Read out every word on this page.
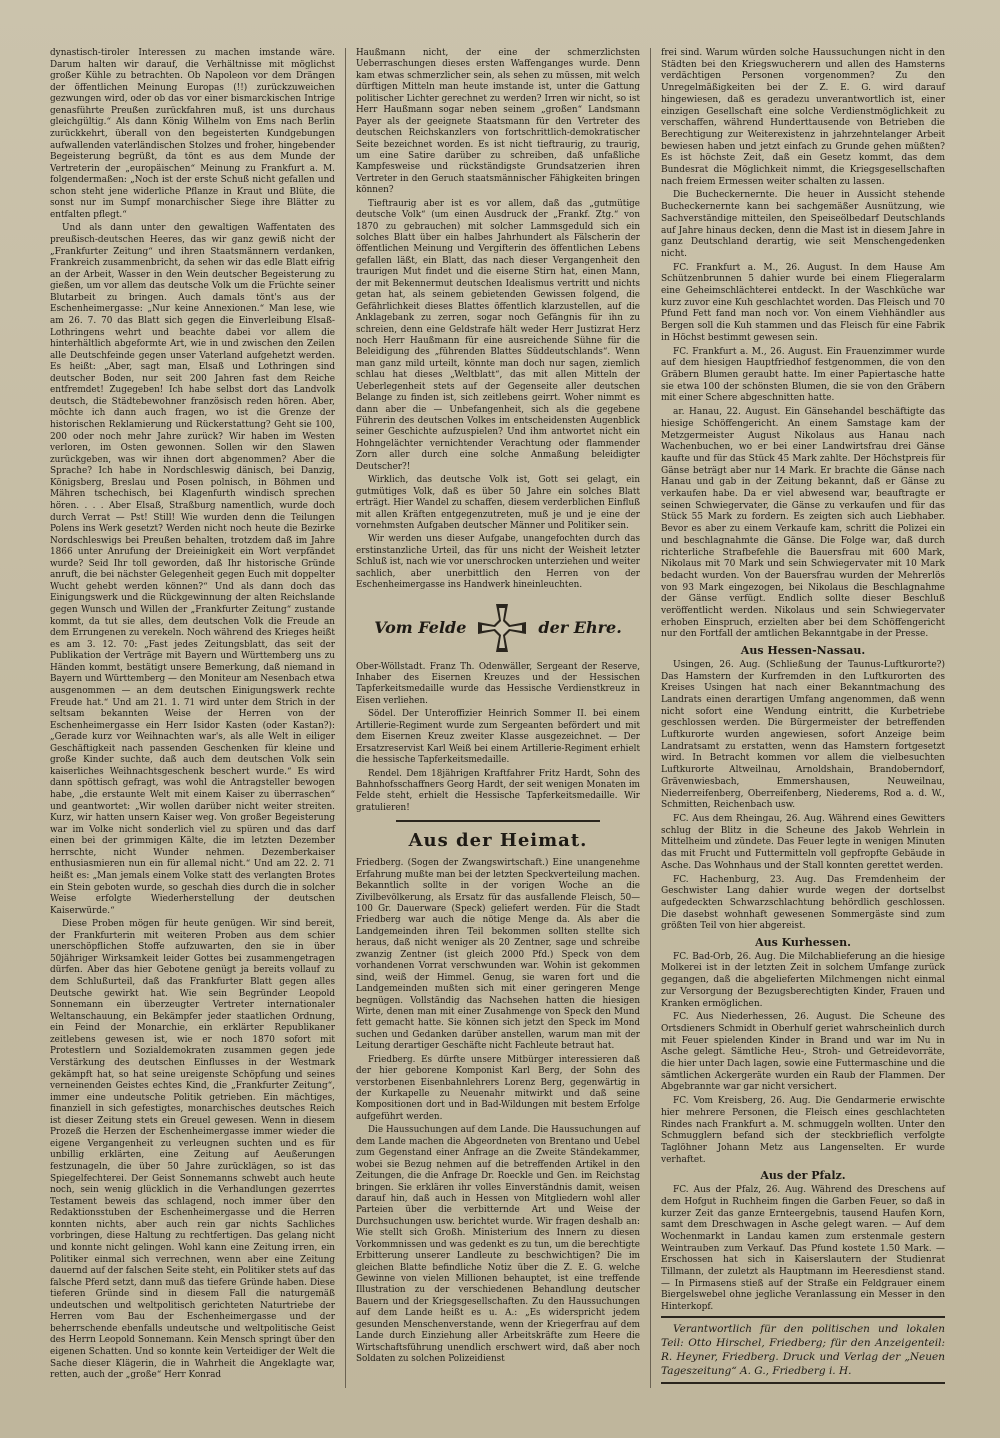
dynastisch-tiroler Interessen zu machen imstande wäre. Darum halten wir darauf, die Verhältnisse mit möglichst großer Kühle zu betrachten. Ob Napoleon vor dem Drängen der öffentlichen Meinung Europas (!!) zurückzuweichen gezwungen wird, oder ob das vor einer bismarckischen Intrige genasführte Preußen zurückfahren muß, ist uns durchaus gleichgültig.“ Als dann König Wilhelm von Ems nach Berlin zurückkehrt, überall von den begeisterten Kundgebungen aufwallenden vaterländischen Stolzes und froher, hingebender Begeisterung begrüßt, da tönt es aus dem Munde der Vertreterin der „europäischen“ Meinung zu Frankfurt a. M. folgendermaßen: „Noch ist der erste Schuß nicht gefallen und schon steht jene widerliche Pflanze in Kraut und Blüte, die sonst nur im Sumpf monarchischer Siege ihre Blätter zu entfalten pflegt.“

Und als dann unter den gewaltigen Waffentaten des preußisch-deutschen Heeres, das wir ganz gewiß nicht der „Frankfurter Zeitung“ und ihren Staatsmännern verdanken, Frankreich zusammenbricht, da sehen wir das edle Blatt eifrig an der Arbeit, Wasser in den Wein deutscher Begeisterung zu gießen, um vor allem das deutsche Volk um die Früchte seiner Blutarbeit zu bringen. Auch damals tönt's aus der Eschenheimergasse: „Nur keine Annexionen.“ Man lese, wie am 26. 7. 70 das Blatt sich gegen die Einverleibung Elsaß-Lothringens wehrt und beachte dabei vor allem die hinterhältlich abgeformte Art, wie in und zwischen den Zeilen alle Deutschfeinde gegen unser Vaterland aufgehetzt werden. Es heißt: „Aber, sagt man, Elsaß und Lothringen sind deutscher Boden, nur seit 200 Jahren fast dem Reiche entfremdet! Zugegeben! Ich habe selbst dort das Landvolk deutsch, die Städtebewohner französisch reden hören. Aber, möchte ich dann auch fragen, wo ist die Grenze der historischen Reklamierung und Rückerstattung? Geht sie 100, 200 oder noch mehr Jahre zurück? Wir haben im Westen verloren, im Osten gewonnen. Sollen wir den Slawen zurückgeben, was wir ihnen dort abgenommen? Aber die Sprache? Ich habe in Nordschleswig dänisch, bei Danzig, Königsberg, Breslau und Posen polnisch, in Böhmen und Mähren tschechisch, bei Klagenfurth windisch sprechen hören. . . . Aber Elsaß, Straßburg namentlich, wurde doch durch Verrat — Pst! Still! Wie wurden denn die Teilungen Polens ins Werk gesetzt? Werden nicht noch heute die Bezirke Nordschleswigs bei Preußen behalten, trotzdem daß im Jahre 1866 unter Anrufung der Dreieinigkeit ein Wort verpfändet wurde? Seid Ihr toll geworden, daß Ihr historische Gründe anruft, die bei nächster Gelegenheit gegen Euch mit doppelter Wucht gehebt werden können?“ Und als dann doch das Einigungswerk und die Rückgewinnung der alten Reichslande gegen Wunsch und Willen der „Frankfurter Zeitung“ zustande kommt, da tut sie alles, dem deutschen Volk die Freude an dem Errungenen zu verekeln. Noch während des Krieges heißt es am 3. 12. 70: „Fast jedes Zeitungsblatt, das seit der Publikation der Verträge mit Bayern und Württemberg uns zu Händen kommt, bestätigt unsere Bemerkung, daß niemand in Bayern und Württemberg — den Moniteur am Nesenbach etwa ausgenommen — an dem deutschen Einigungswerk rechte Freude hat.“ Und am 21. 1. 71 wird unter dem Strich in der seltsam bekannten Weise der Herren von der Eschenheimergasse ein Herr Isidor Kasten (oder Kastan?): „Gerade kurz vor Weihnachten war's, als alle Welt in eiliger Geschäftigkeit nach passenden Geschenken für kleine und große Kinder suchte, daß auch dem deutschen Volk sein kaiserliches Weihnachtsgeschenk beschert wurde.“ Es wird dann spöttisch gefragt, was wohl die Antragsteller bewogen habe, „die erstaunte Welt mit einem Kaiser zu überraschen“ und geantwortet: „Wir wollen darüber nicht weiter streiten. Kurz, wir hatten unsern Kaiser weg. Von großer Begeisterung war im Volke nicht sonderlich viel zu spüren und das darf einen bei der grimmigen Kälte, die im letzten Dezember herrschte, nicht Wunder nehmen. Dezemberkaiser enthusiasmieren nun ein für allemal nicht.“ Und am 22. 2. 71 heißt es: „Man jemals einem Volke statt des verlangten Brotes ein Stein geboten wurde, so geschah dies durch die in solcher Weise erfolgte Wiederherstellung der deutschen Kaiserwürde.“

Diese Proben mögen für heute genügen. Wir sind bereit, der Frankfurterin mit weiteren Proben aus dem schier unerschöpflichen Stoffe aufzuwarten, den sie in über 50jähriger Wirksamkeit leider Gottes bei zusammengetragen dürfen. Aber das hier Gebotene genügt ja bereits vollauf zu dem Schlußurteil, daß das Frankfurter Blatt gegen alles Deutsche gewirkt hat. Wie sein Begründer Leopold Sonnemann ein überzeugter Vertreter internationaler Weltanschauung, ein Bekämpfer jeder staatlichen Ordnung, ein Feind der Monarchie, ein erklärter Republikaner zeitlebens gewesen ist, wie er noch 1870 sofort mit Protestlern und Sozialdemokraten zusammen gegen jede Verstärkung des deutschen Einflusses in der Westmark gekämpft hat, so hat seine ureigenste Schöpfung und seines verneinenden Geistes echtes Kind, die „Frankfurter Zeitung“, immer eine undeutsche Politik getrieben. Ein mächtiges, finanziell in sich gefestigtes, monarchisches deutsches Reich ist dieser Zeitung stets ein Greuel gewesen. Wenn in diesem Prozeß die Herzen der Eschenheimergasse immer wieder die eigene Vergangenheit zu verleugnen suchten und es für unbillig erklärten, eine Zeitung auf Aeußerungen festzunageln, die über 50 Jahre zurücklägen, so ist das Spiegelfechterei. Der Geist Sonnemanns schwebt auch heute noch, sein wenig glücklich in die Verhandlungen gezerrtes Testament beweis das schlagend, noch immer über den Redaktionsstuben der Eschenheimergasse und die Herren konnten nichts, aber auch rein gar nichts Sachliches vorbringen, diese Haltung zu rechtfertigen. Das gelang nicht und konnte nicht gelingen. Wohl kann eine Zeitung irren, ein Politiker einmal sich verrechnen, wenn aber eine Zeitung dauernd auf der falschen Seite steht, ein Politiker stets auf das falsche Pferd setzt, dann muß das tiefere Gründe haben. Diese tieferen Gründe sind in diesem Fall die naturgemäß undeutschen und weltpolitisch gerichteten Naturtriebe der Herren vom Bau der Eschenheimergasse und der beherrschende ebenfalls undeutsche und weltpolitische Geist des Herrn Leopold Sonnemann. Kein Mensch springt über den eigenen Schatten. Und so konnte kein Verteidiger der Welt die Sache dieser Klägerin, die in Wahrheit die Angeklagte war, retten, auch der „große“ Herr Konrad

Haußmann nicht, der eine der schmerzlichsten Ueberraschungen dieses ersten Waffenganges wurde. Denn kam etwas schmerzlicher sein, als sehen zu müssen, mit welch dürftigen Mitteln man heute imstande ist, unter die Gattung politischer Lichter gerechnet zu werden? Irren wir nicht, so ist Herr Haußmann sogar neben seinem „großen“ Landsmann Payer als der geeignete Staatsmann für den Vertreter des deutschen Reichskanzlers von fortschrittlich-demokratischer Seite bezeichnet worden. Es ist nicht tieftraurig, zu traurig, um eine Satire darüber zu schreiben, daß unfaßliche Kampfesweise und rückständigste Grundsatzerien ihren Vertreter in den Geruch staatsmännischer Fähigkeiten bringen können?

Tieftraurig aber ist es vor allem, daß das „gutmütige deutsche Volk“ (um einen Ausdruck der „Frankf. Ztg.“ von 1870 zu gebrauchen) mit solcher Lammsgeduld sich ein solches Blatt über ein halbes Jahrhundert als Fälscherin der öffentlichen Meinung und Vergifterin des öffentlichen Lebens gefallen läßt, ein Blatt, das nach dieser Vergangenheit den traurigen Mut findet und die eiserne Stirn hat, einen Mann, der mit Bekennermut deutschen Idealismus vertritt und nichts getan hat, als seinem gebietenden Gewissen folgend, die Gefährlichkeit dieses Blattes öffentlich klarzustellen, auf die Anklagebank zu zerren, sogar noch Gefängnis für ihn zu schreien, denn eine Geldstrafe hält weder Herr Justizrat Herz noch Herr Haußmann für eine ausreichende Sühne für die Beleidigung des „führenden Blattes Süddeutschlands“. Wenn man ganz mild urteilt, könnte man doch nur sagen, ziemlich schlau hat dieses „Weltblatt“, das mit allen Mitteln der Ueberlegenheit stets auf der Gegenseite aller deutschen Belange zu finden ist, sich zeitlebens geirrt. Woher nimmt es dann aber die — Unbefangenheit, sich als die gegebene Führerin des deutschen Volkes im entscheidensten Augenblick seiner Geschichte aufzuspielen? Und ihm antwortet nicht ein Hohngelächter vernichtender Verachtung oder flammender Zorn aller durch eine solche Anmaßung beleidigter Deutscher?!

Wirklich, das deutsche Volk ist, Gott sei gelagt, ein gutmütiges Volk, daß es über 50 Jahre ein solches Blatt erträgt. Hier Wandel zu schaffen, diesem verderblichen Einfluß mit allen Kräften entgegenzutreten, muß je und je eine der vornehmsten Aufgaben deutscher Männer und Politiker sein.

Wir werden uns dieser Aufgabe, unangefochten durch das erstinstanzliche Urteil, das für uns nicht der Weisheit letzter Schluß ist, nach wie vor unerschrocken unterziehen und weiter sachlich, aber unerbittlich den Herren von der Eschenheimergasse ins Handwerk hineinleuchten.

Vom Felde	der Ehre.

Ober-Wöllstadt. Franz Th. Odenwäller, Sergeant der Reserve, Inhaber des Eisernen Kreuzes und der Hessischen Tapferkeitsmedaille wurde das Hessische Verdienstkreuz in Eisen verliehen.

Södel. Der Unteroffizier Heinrich Sommer II. bei einem Artillerie-Regiment wurde zum Sergeanten befördert und mit dem Eisernen Kreuz zweiter Klasse ausgezeichnet. — Der Ersatzreservist Karl Weiß bei einem Artillerie-Regiment erhielt die hessische Tapferkeitsmedaille.

Rendel. Dem 18jährigen Kraftfahrer Fritz Hardt, Sohn des Bahnhofsschaffners Georg Hardt, der seit wenigen Monaten im Felde steht, erhielt die Hessische Tapferkeitsmedaille. Wir gratulieren!

Aus der Heimat.

Friedberg. (Sogen der Zwangswirtschaft.) Eine unangenehme Erfahrung mußte man bei der letzten Speckverteilung machen. Bekanntlich sollte in der vorigen Woche an die Zivilbevölkerung, als Ersatz für das ausfallende Fleisch, 50—100 Gr. Dauerware (Speck) geliefert werden. Für die Stadt Friedberg war auch die nötige Menge da. Als aber die Landgemeinden ihren Teil bekommen sollten stellte sich heraus, daß nicht weniger als 20 Zentner, sage und schreibe zwanzig Zentner (ist gleich 2000 Pfd.) Speck von dem vorhandenen Vorrat verschwunden war. Wohin ist gekommen sind, weiß der Himmel. Genug, sie waren fort und die Landgemeinden mußten sich mit einer geringeren Menge begnügen. Vollständig das Nachsehen hatten die hiesigen Wirte, denen man mit einer Zusahmenge von Speck den Mund fett gemacht hatte. Sie können sich jetzt den Speck im Mond suchen und Gedanken darüber anstellen, warum man mit der Leitung derartiger Geschäfte nicht Fachleute betraut hat.

Friedberg. Es dürfte unsere Mitbürger interessieren daß der hier geborene Komponist Karl Berg, der Sohn des verstorbenen Eisenbahnlehrers Lorenz Berg, gegenwärtig in der Kurkapelle zu Neuenahr mitwirkt und daß seine Kompositionen dort und in Bad-Wildungen mit bestem Erfolge aufgeführt werden.

Die Haussuchungen auf dem Lande. Die Haussuchungen auf dem Lande machen die Abgeordneten von Brentano und Uebel zum Gegenstand einer Anfrage an die Zweite Ständekammer, wobei sie Bezug nehmen auf die betreffenden Artikel in den Zeitungen, die die Anfrage Dr. Roeckle und Gen. im Reichstag bringen. Sie erklären ihr volles Einverständnis damit, weisen darauf hin, daß auch in Hessen von Mitgliedern wohl aller Parteien über die verbitternde Art und Weise der Durchsuchungen usw. berichtet wurde. Wir fragen deshalb an: Wie stellt sich Großh. Ministerium des Innern zu diesen Vorkommnissen und was gedenkt es zu tun, um die berechtigte Erbitterung unserer Landleute zu beschwichtigen? Die im gleichen Blatte befindliche Notiz über die Z. E. G. welche Gewinne von vielen Millionen behauptet, ist eine treffende Illustration zu der verschiedenen Behandlung deutscher Bauern und der Kriegsgesellschaften. Zu den Haussuchungen auf dem Lande heißt es u. A.: „Es widerspricht jedem gesunden Menschenverstande, wenn der Kriegerfrau auf dem Lande durch Einziehung aller Arbeitskräfte zum Heere die Wirtschaftsführung unendlich erschwert wird, daß aber noch Soldaten zu solchen Polizeidienst

frei sind. Warum würden solche Haussuchungen nicht in den Städten bei den Kriegswucherern und allen des Hamsterns verdächtigen Personen vorgenommen? Zu den Unregelmäßigkeiten bei der Z. E. G. wird darauf hingewiesen, daß es geradezu unverantwortlich ist, einer einzigen Gesellschaft eine solche Verdienstmöglichkeit zu verschaffen, während Hunderttausende von Betrieben die Berechtigung zur Weiterexistenz in jahrzehntelanger Arbeit bewiesen haben und jetzt einfach zu Grunde gehen müßten? Es ist höchste Zeit, daß ein Gesetz kommt, das dem Bundesrat die Möglichkeit nimmt, die Kriegsgesellschaften nach freiem Ermessen weiter schalten zu lassen.

Die Bucheckernernte. Die heuer in Aussicht stehende Bucheckernernte kann bei sachgemäßer Ausnützung, wie Sachverständige mitteilen, den Speiseölbedarf Deutschlands auf Jahre hinaus decken, denn die Mast ist in diesem Jahre in ganz Deutschland derartig, wie seit Menschengedenken nicht.

FC. Frankfurt a. M., 26. August. In dem Hause Am Schützenbrunnen 5 dahier wurde bei einem Fliegeralarm eine Geheimschlächterei entdeckt. In der Waschküche war kurz zuvor eine Kuh geschlachtet worden. Das Fleisch und 70 Pfund Fett fand man noch vor. Von einem Viehhändler aus Bergen soll die Kuh stammen und das Fleisch für eine Fabrik in Höchst bestimmt gewesen sein.

FC. Frankfurt a. M., 26. August. Ein Frauenzimmer wurde auf dem hiesigen Hauptfriedhof festgenommen, die von den Gräbern Blumen geraubt hatte. Im einer Papiertasche hatte sie etwa 100 der schönsten Blumen, die sie von den Gräbern mit einer Schere abgeschnitten hatte.

ar. Hanau, 22. August. Ein Gänsehandel beschäftigte das hiesige Schöffengericht. An einem Samstage kam der Metzgermeister August Nikolaus aus Hanau nach Wachenbuchen, wo er bei einer Landwirtsfrau drei Gänse kaufte und für das Stück 45 Mark zahlte. Der Höchstpreis für Gänse beträgt aber nur 14 Mark. Er brachte die Gänse nach Hanau und gab in der Zeitung bekannt, daß er Gänse zu verkaufen habe. Da er viel abwesend war, beauftragte er seinen Schwiegervater, die Gänse zu verkaufen und für das Stück 55 Mark zu fordern. Es zeigten sich auch Liebhaber. Bevor es aber zu einem Verkaufe kam, schritt die Polizei ein und beschlagnahmte die Gänse. Die Folge war, daß durch richterliche Strafbefehle die Bauersfrau mit 600 Mark, Nikolaus mit 70 Mark und sein Schwiegervater mit 10 Mark bedacht wurden. Von der Bauersfrau wurden der Mehrerlös von 93 Mark eingezogen, bei Nikolaus die Beschlagnahme der Gänse verfügt. Endlich sollte dieser Beschluß veröffentlicht werden. Nikolaus und sein Schwiegervater erhoben Einspruch, erzielten aber bei dem Schöffengericht nur den Fortfall der amtlichen Bekanntgabe in der Presse.

Aus Hessen-Nassau.

Usingen, 26. Aug. (Schließung der Taunus-Luftkurorte?) Das Hamstern der Kurfremden in den Luftkurorten des Kreises Usingen hat nach einer Bekanntmachung des Landrats einen derartigen Umfang angenommen, daß wenn nicht sofort eine Wendung eintritt, die Kurbetriebe geschlossen werden. Die Bürgermeister der betreffenden Luftkurorte wurden angewiesen, sofort Anzeige beim Landratsamt zu erstatten, wenn das Hamstern fortgesetzt wird. In Betracht kommen vor allem die vielbesuchten Luftkurorte Altweilnau, Arnoldshain, Brandoberndorf, Grävenwiesbach, Emmershausen, Neuweilnau, Niederreifenberg, Oberreifenberg, Niederems, Rod a. d. W., Schmitten, Reichenbach usw.

FC. Aus dem Rheingau, 26. Aug. Während eines Gewitters schlug der Blitz in die Scheune des Jakob Wehrlein in Mittelheim und zündete. Das Feuer legte in wenigen Minuten das mit Frucht und Futtermitteln voll gepfropfte Gebäude in Asche. Das Wohnhaus und der Stall konnten gerettet werden.

FC. Hachenburg, 23. Aug. Das Fremdenheim der Geschwister Lang dahier wurde wegen der dortselbst aufgedeckten Schwarzschlachtung behördlich geschlossen. Die dasebst wohnhaft gewesenen Sommergäste sind zum größten Teil von hier abgereist.

Aus Kurhessen.

FC. Bad-Orb, 26. Aug. Die Milchablieferung an die hiesige Molkerei ist in der letzten Zeit in solchem Umfange zurück gegangen, daß die abgelieferten Milchmengen nicht einmal zur Versorgung der Bezugsberechtigten Kinder, Frauen und Kranken ermöglichen.

FC. Aus Niederhessen, 26. August. Die Scheune des Ortsdieners Schmidt in Oberhulf geriet wahrscheinlich durch mit Feuer spielenden Kinder in Brand und war im Nu in Asche gelegt. Sämtliche Heu-, Stroh- und Getreidevorräte, die hier unter Dach lagen, sowie eine Futtermaschine und die sämtlichen Ackergeräte wurden ein Raub der Flammen. Der Abgebrannte war gar nicht versichert.

FC. Vom Kreisberg, 26. Aug. Die Gendarmerie erwischte hier mehrere Personen, die Fleisch eines geschlachteten Rindes nach Frankfurt a. M. schmuggeln wollten. Unter den Schmugglern befand sich der steckbrieflich verfolgte Taglöhner Johann Metz aus Langenselten. Er wurde verhaftet.

Aus der Pfalz.

FC. Aus der Pfalz, 26. Aug. Während des Dreschens auf dem Hofgut in Ruchheim fingen die Garben Feuer, so daß in kurzer Zeit das ganze Ernteergebnis, tausend Haufen Korn, samt dem Dreschwagen in Asche gelegt waren. — Auf dem Wochenmarkt in Landau kamen zum erstenmale gestern Weintrauben zum Verkauf. Das Pfund kostete 1.50 Mark. — Erschossen hat sich in Kaiserslautern der Studienrat Tillmann, der zuletzt als Hauptmann im Heeresdienst stand. — In Pirmasens stieß auf der Straße ein Feldgrauer einem Biergelswebel ohne jegliche Veranlassung ein Messer in den Hinterkopf.

Verantwortlich für den politischen und lokalen Teil: Otto Hirschel, Friedberg; für den Anzeigenteil: R. Heyner, Friedberg. Druck und Verlag der „Neuen Tageszeitung“ A. G., Friedberg i. H.
